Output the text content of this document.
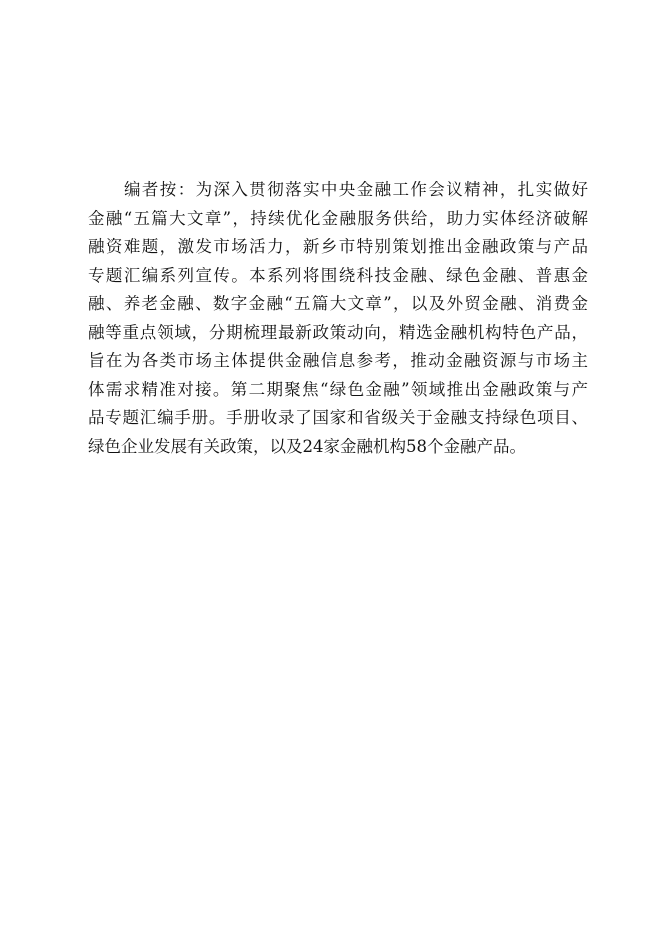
编者按：为深入贯彻落实中央金融工作会议精神，扎实做好
金融“五篇大文章”，持续优化金融服务供给，助力实体经济破解
融资难题，激发市场活力，新乡市特别策划推出金融政策与产品
专题汇编系列宣传。本系列将围绕科技金融、绿色金融、普惠金
融、养老金融、数字金融“五篇大文章”，以及外贸金融、消费金
融等重点领域，分期梳理最新政策动向，精选金融机构特色产品，
旨在为各类市场主体提供金融信息参考，推动金融资源与市场主
体需求精准对接。第二期聚焦“绿色金融”领域推出金融政策与产
品专题汇编手册。手册收录了国家和省级关于金融支持绿色项目、
绿色企业发展有关政策，以及24家金融机构58个金融产品。
